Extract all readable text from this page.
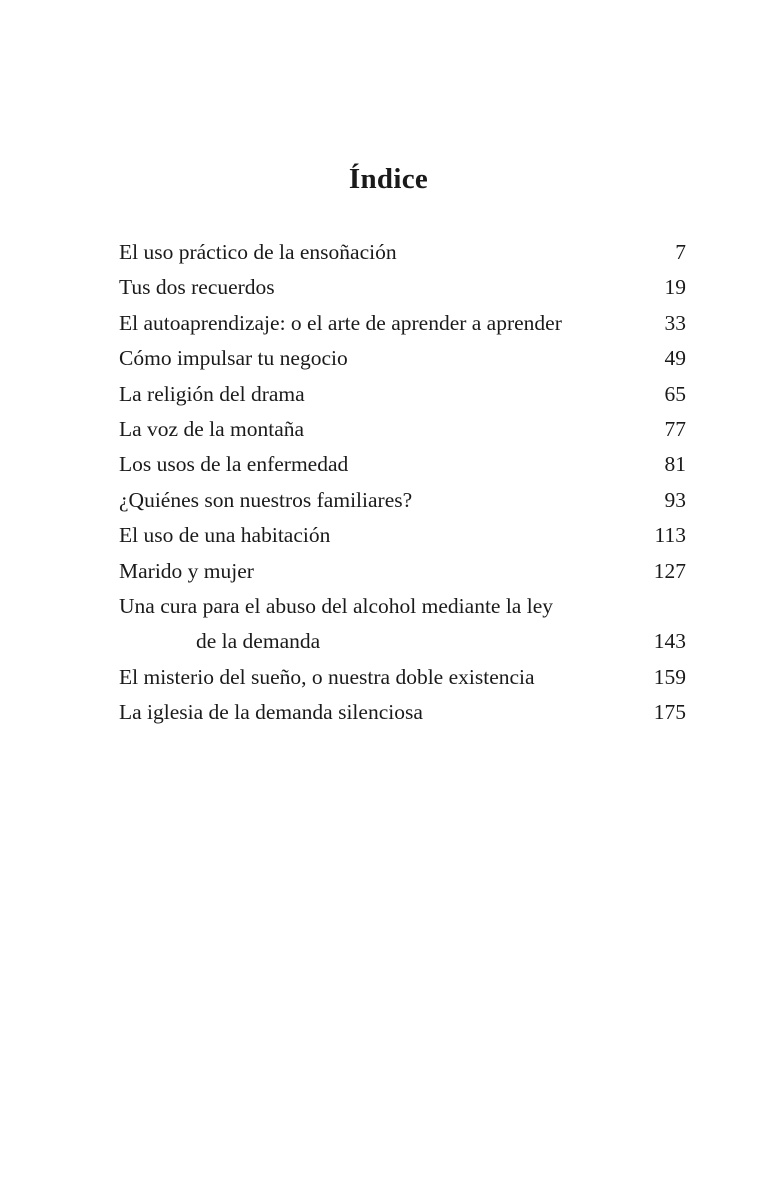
Índice
El uso práctico de la ensoñación	7
Tus dos recuerdos	19
El autoaprendizaje: o el arte de aprender a aprender	33
Cómo impulsar tu negocio	49
La religión del drama	65
La voz de la montaña	77
Los usos de la enfermedad	81
¿Quiénes son nuestros familiares?	93
El uso de una habitación	113
Marido y mujer	127
Una cura para el abuso del alcohol mediante la ley
de la demanda	143
El misterio del sueño, o nuestra doble existencia	159
La iglesia de la demanda silenciosa	175
